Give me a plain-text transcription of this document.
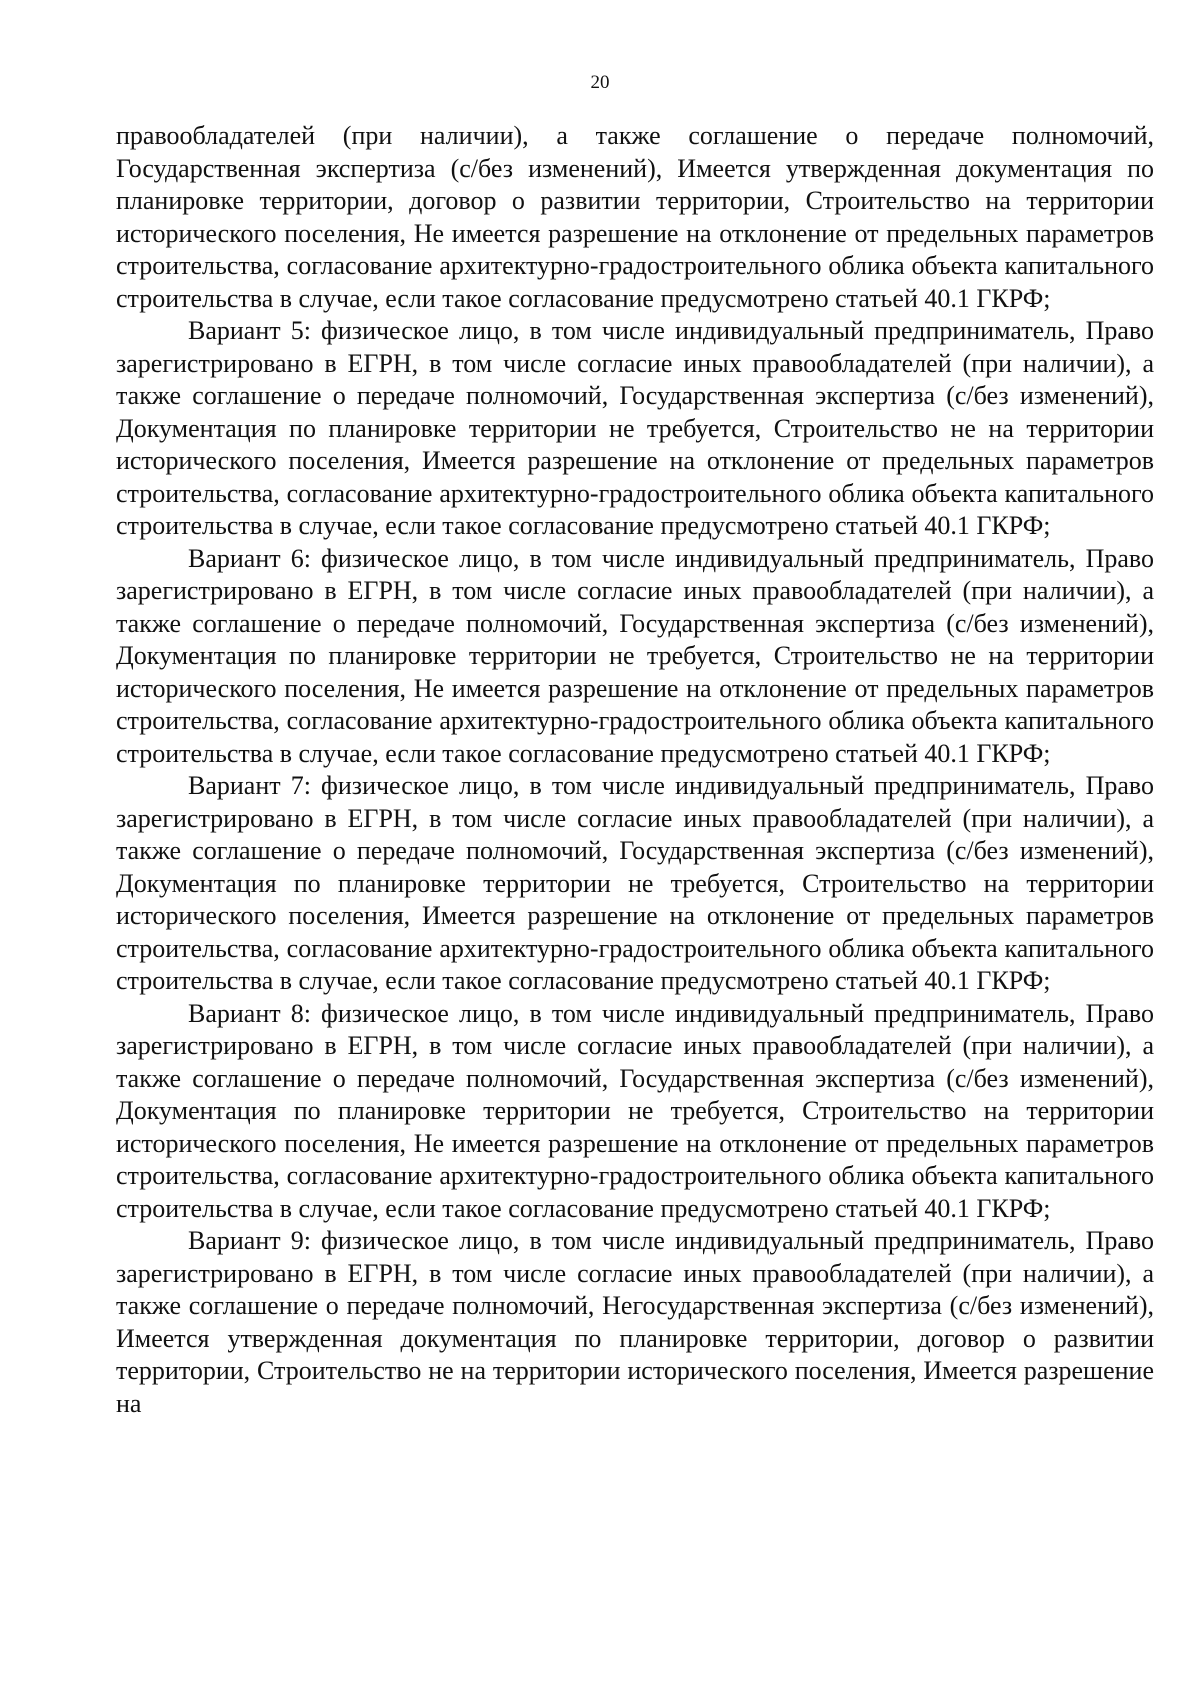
20

правообладателей (при наличии), а также соглашение о передаче полномочий, Государственная экспертиза (с/без изменений), Имеется утвержденная документация по планировке территории, договор о развитии территории, Строительство на территории исторического поселения, Не имеется разрешение на отклонение от предельных параметров строительства, согласование архитектурно-градостроительного облика объекта капитального строительства в случае, если такое согласование предусмотрено статьей 40.1 ГКРФ;

Вариант 5: физическое лицо, в том числе индивидуальный предприниматель, Право зарегистрировано в ЕГРН, в том числе согласие иных правообладателей (при наличии), а также соглашение о передаче полномочий, Государственная экспертиза (с/без изменений), Документация по планировке территории не требуется, Строительство не на территории исторического поселения, Имеется разрешение на отклонение от предельных параметров строительства, согласование архитектурно-градостроительного облика объекта капитального строительства в случае, если такое согласование предусмотрено статьей 40.1 ГКРФ;

Вариант 6: физическое лицо, в том числе индивидуальный предприниматель, Право зарегистрировано в ЕГРН, в том числе согласие иных правообладателей (при наличии), а также соглашение о передаче полномочий, Государственная экспертиза (с/без изменений), Документация по планировке территории не требуется, Строительство не на территории исторического поселения, Не имеется разрешение на отклонение от предельных параметров строительства, согласование архитектурно-градостроительного облика объекта капитального строительства в случае, если такое согласование предусмотрено статьей 40.1 ГКРФ;

Вариант 7: физическое лицо, в том числе индивидуальный предприниматель, Право зарегистрировано в ЕГРН, в том числе согласие иных правообладателей (при наличии), а также соглашение о передаче полномочий, Государственная экспертиза (с/без изменений), Документация по планировке территории не требуется, Строительство на территории исторического поселения, Имеется разрешение на отклонение от предельных параметров строительства, согласование архитектурно-градостроительного облика объекта капитального строительства в случае, если такое согласование предусмотрено статьей 40.1 ГКРФ;

Вариант 8: физическое лицо, в том числе индивидуальный предприниматель, Право зарегистрировано в ЕГРН, в том числе согласие иных правообладателей (при наличии), а также соглашение о передаче полномочий, Государственная экспертиза (с/без изменений), Документация по планировке территории не требуется, Строительство на территории исторического поселения, Не имеется разрешение на отклонение от предельных параметров строительства, согласование архитектурно-градостроительного облика объекта капитального строительства в случае, если такое согласование предусмотрено статьей 40.1 ГКРФ;

Вариант 9: физическое лицо, в том числе индивидуальный предприниматель, Право зарегистрировано в ЕГРН, в том числе согласие иных правообладателей (при наличии), а также соглашение о передаче полномочий, Негосударственная экспертиза (с/без изменений), Имеется утвержденная документация по планировке территории, договор о развитии территории, Строительство не на территории исторического поселения, Имеется разрешение на
